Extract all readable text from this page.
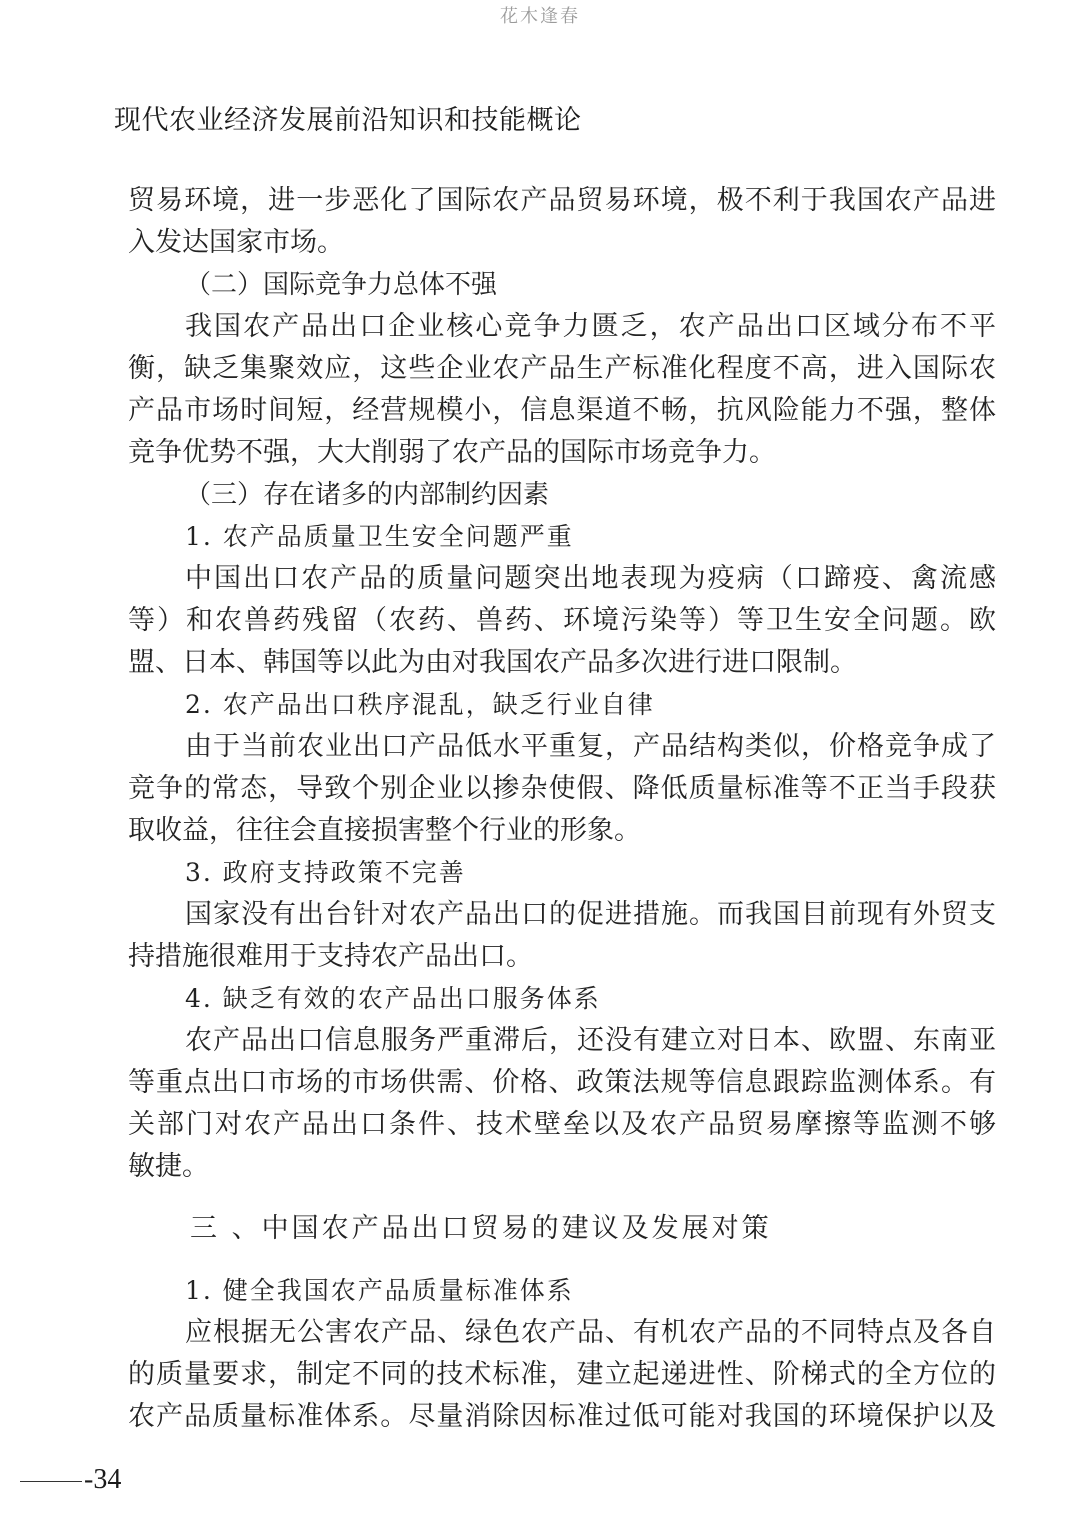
花木逢春
现代农业经济发展前沿知识和技能概论
贸易环境，进一步恶化了国际农产品贸易环境，极不利于我国农产品进
入发达国家市场。
（二）国际竞争力总体不强
我国农产品出口企业核心竞争力匮乏，农产品出口区域分布不平
衡，缺乏集聚效应，这些企业农产品生产标准化程度不高，进入国际农
产品市场时间短，经营规模小，信息渠道不畅，抗风险能力不强，整体
竞争优势不强，大大削弱了农产品的国际市场竞争力。
（三）存在诸多的内部制约因素
1. 农产品质量卫生安全问题严重
中国出口农产品的质量问题突出地表现为疫病（口蹄疫、禽流感
等）和农兽药残留（农药、兽药、环境污染等）等卫生安全问题。欧
盟、日本、韩国等以此为由对我国农产品多次进行进口限制。
2. 农产品出口秩序混乱，缺乏行业自律
由于当前农业出口产品低水平重复，产品结构类似，价格竞争成了
竞争的常态，导致个别企业以掺杂使假、降低质量标准等不正当手段获
取收益，往往会直接损害整个行业的形象。
3. 政府支持政策不完善
国家没有出台针对农产品出口的促进措施。而我国目前现有外贸支
持措施很难用于支持农产品出口。
4. 缺乏有效的农产品出口服务体系
农产品出口信息服务严重滞后，还没有建立对日本、欧盟、东南亚
等重点出口市场的市场供需、价格、政策法规等信息跟踪监测体系。有
关部门对农产品出口条件、技术壁垒以及农产品贸易摩擦等监测不够
敏捷。
三 、中国农产品出口贸易的建议及发展对策
1. 健全我国农产品质量标准体系
应根据无公害农产品、绿色农产品、有机农产品的不同特点及各自
的质量要求，制定不同的技术标准，建立起递进性、阶梯式的全方位的
农产品质量标准体系。尽量消除因标准过低可能对我国的环境保护以及
-34
